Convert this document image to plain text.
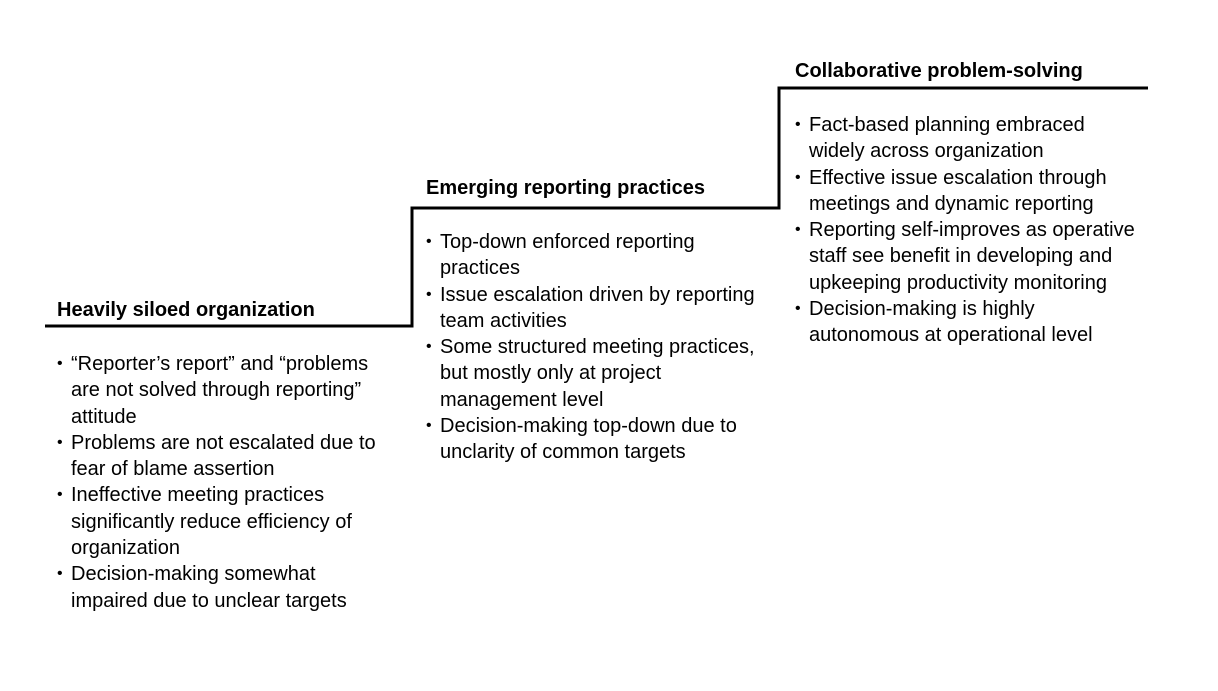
Heavily siloed organization
• “Reporter’s report” and “problems are not solved through reporting” attitude
• Problems are not escalated due to fear of blame assertion
• Ineffective meeting practices significantly reduce efficiency of organization
• Decision-making somewhat impaired due to unclear targets
Emerging reporting practices
• Top-down enforced reporting practices
• Issue escalation driven by reporting team activities
• Some structured meeting practices, but mostly only at project management level
• Decision-making top-down due to unclarity of common targets
Collaborative problem-solving
• Fact-based planning embraced widely across organization
• Effective issue escalation through meetings and dynamic reporting
• Reporting self-improves as operative staff see benefit in developing and upkeeping productivity monitoring
• Decision-making is highly autonomous at operational level
